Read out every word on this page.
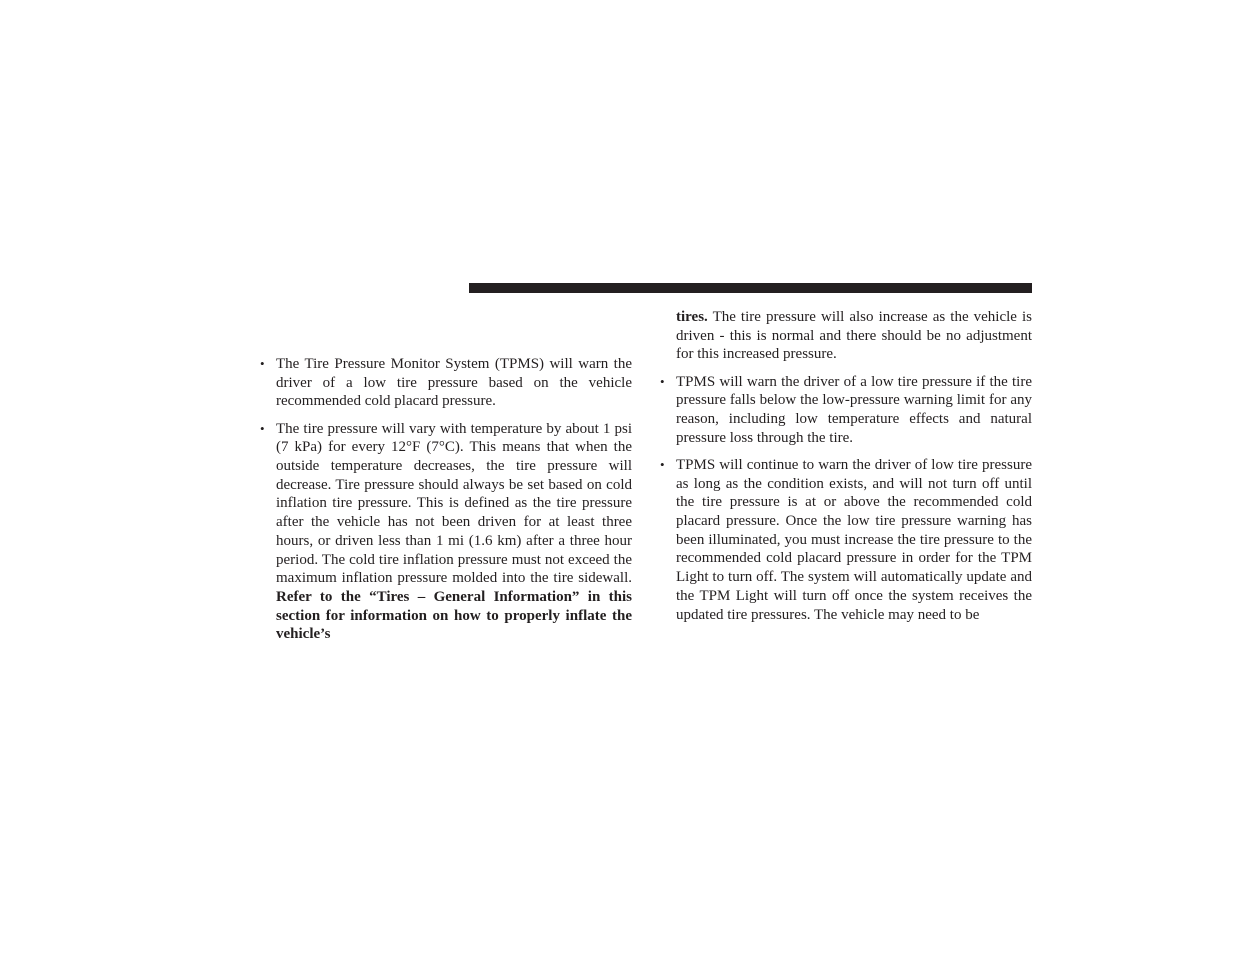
• The Tire Pressure Monitor System (TPMS) will warn the driver of a low tire pressure based on the vehicle recommended cold placard pressure.

• The tire pressure will vary with temperature by about 1 psi (7 kPa) for every 12°F (7°C). This means that when the outside temperature decreases, the tire pressure will decrease. Tire pressure should always be set based on cold inflation tire pressure. This is defined as the tire pressure after the vehicle has not been driven for at least three hours, or driven less than 1 mi (1.6 km) after a three hour period. The cold tire inflation pressure must not exceed the maximum inflation pressure molded into the tire sidewall. Refer to the “Tires – General Information” in this section for information on how to properly inflate the vehicle’s

tires. The tire pressure will also increase as the vehicle is driven - this is normal and there should be no adjustment for this increased pressure.

• TPMS will warn the driver of a low tire pressure if the tire pressure falls below the low-pressure warning limit for any reason, including low temperature effects and natural pressure loss through the tire.

• TPMS will continue to warn the driver of low tire pressure as long as the condition exists, and will not turn off until the tire pressure is at or above the recommended cold placard pressure. Once the low tire pressure warning has been illuminated, you must increase the tire pressure to the recommended cold placard pressure in order for the TPM Light to turn off. The system will automatically update and the TPM Light will turn off once the system receives the updated tire pressures. The vehicle may need to be
